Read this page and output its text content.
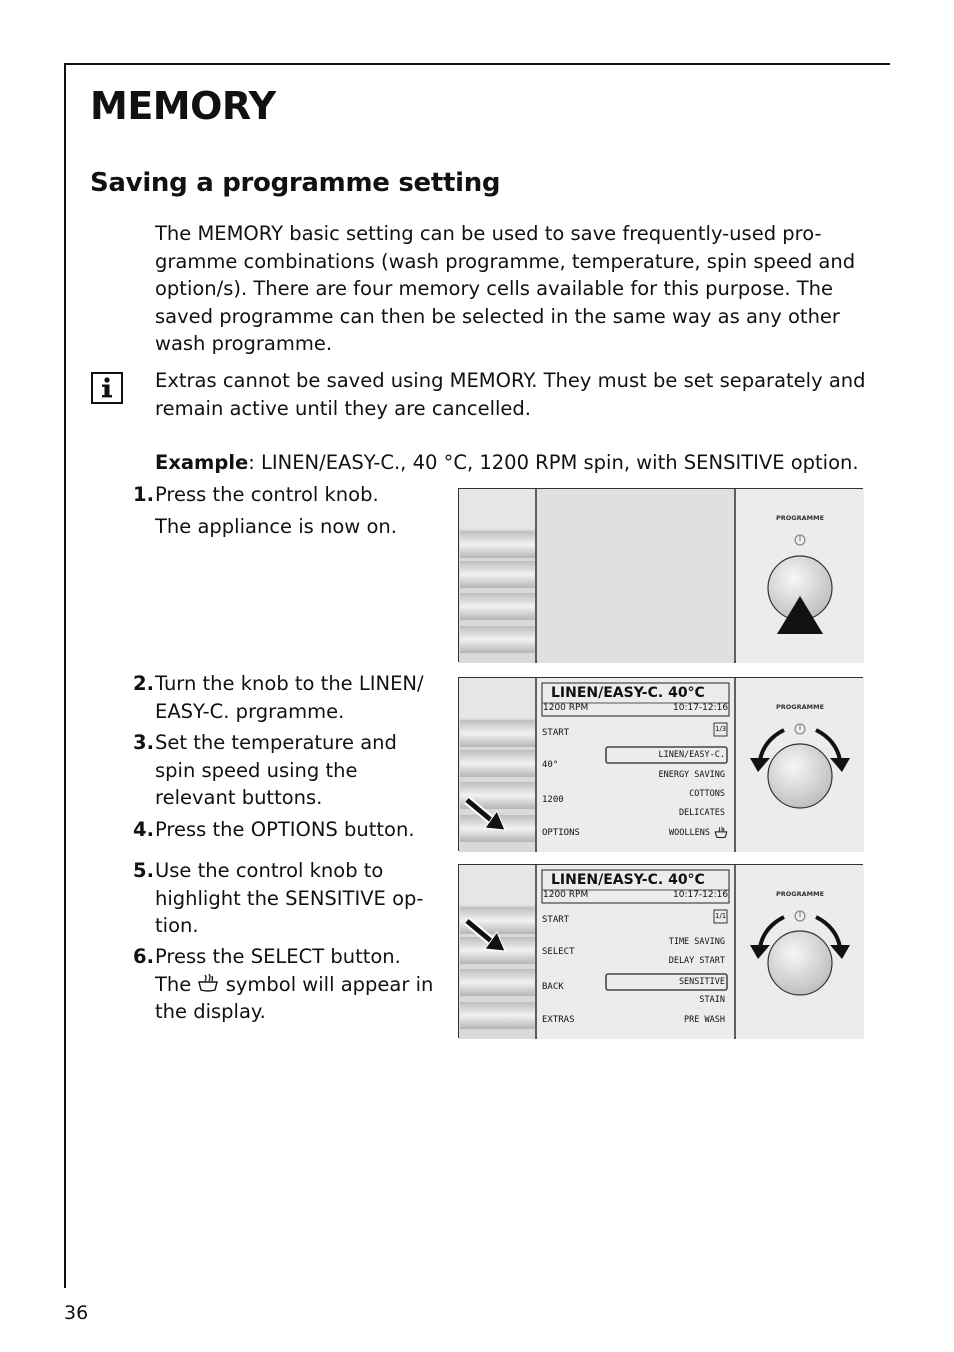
MEMORY
Saving a programme setting
The MEMORY basic setting can be used to save frequently-used pro-
gramme combinations (wash programme, temperature, spin speed and
option/s). There are four memory cells available for this purpose. The
saved programme can then be selected in the same way as any other
wash programme.
Extras cannot be saved using MEMORY. They must be set separately and
remain active until they are cancelled.
Example: LINEN/EASY-C., 40 °C, 1200 RPM spin, with SENSITIVE option.
1. Press the control knob.
The appliance is now on.
2. Turn the knob to the LINEN/ EASY-C. prgramme.
3. Set the temperature and spin speed using the relevant buttons.
4. Press the OPTIONS button.
5. Use the control knob to highlight the SENSITIVE op- tion.
6. Press the SELECT button.
The symbol will appear in
the display.
PROGRAMME
LINEN/EASY-C. 40°C
1200 RPM	10:17-12:16
1/3
START
40°
1200
OPTIONS
LINEN/EASY-C.
ENERGY SAVING
COTTONS
DELICATES
WOOLLENS
PROGRAMME
LINEN/EASY-C. 40°C
1200 RPM	10:17-12:16
1/1
START
SELECT
BACK
EXTRAS
TIME SAVING
DELAY START
SENSITIVE
STAIN
PRE WASH
PROGRAMME
36
